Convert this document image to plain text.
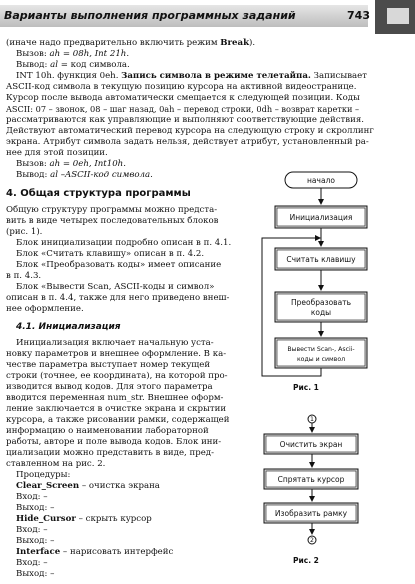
Варианты выполнения программных заданий	743
(иначе надо предварительно включить режим Break).
Вызов: ah = 08h, Int 21h.
Вывод: al = код символа.
INT 10h. функция 0eh. Запись символа в режиме телетайпа. Записывает
ASCII-код символа в текущую позицию курсора на активной видеостранице.
Курсор после вывода автоматически смещается к следующей позиции. Коды
ASCII: 07 – звонок, 08 – шаг назад, 0ah – перевод строки, 0dh – возврат каретки –
рассматриваются как управляющие и выполняют соответствующие действия.
Действуют автоматический перевод курсора на следующую строку и скроллинг
экрана. Атрибут символа задать нельзя, действует атрибут, установленный ра-
нее для этой позиции.
Вызов: ah = 0eh, Int10h.
Вывод: al –ASCII-код символа.
4. Общая структура программы
Общую структуру программы можно предста-
вить в виде четырех последовательных блоков
(рис. 1).
Блок инициализации подробно описан в п. 4.1.
Блок «Считать клавишу» описан в п. 4.2.
Блок «Преобразовать коды» имеет описание
в п. 4.3.
Блок «Вывести Scan, ASCII-коды и символ»
описан в п. 4.4, также для него приведено внеш-
нее оформление.
4.1. Инициализация
Инициализация включает начальную уста-
новку параметров и внешнее оформление. В ка-
честве параметра выступает номер текущей
строки (точнее, ее координата), на которой про-
изводится вывод кодов. Для этого параметра
вводится переменная num_str. Внешнее оформ-
ление заключается в очистке экрана и скрытии
курсора, а также рисовании рамки, содержащей
информацию о наименовании лабораторной
работы, авторе и поле вывода кодов. Блок ини-
циализации можно представить в виде, пред-
ставленном на рис. 2.
Процедуры:
Clear_Screen – очистка экрана
Вход: –
Выход: –
Hide_Cursor – скрыть курсор
Вход: –
Выход: –
Interface – нарисовать интерфейс
Вход: –
Выход: –
начало
Инициализация
Считать клавишу
Преобразовать
коды
Вывести Scan-, Ascii-
коды и символ
1
Очистить экран
Спрятать курсор
Изобразить рамку
2
Рис. 1
Рис. 2
